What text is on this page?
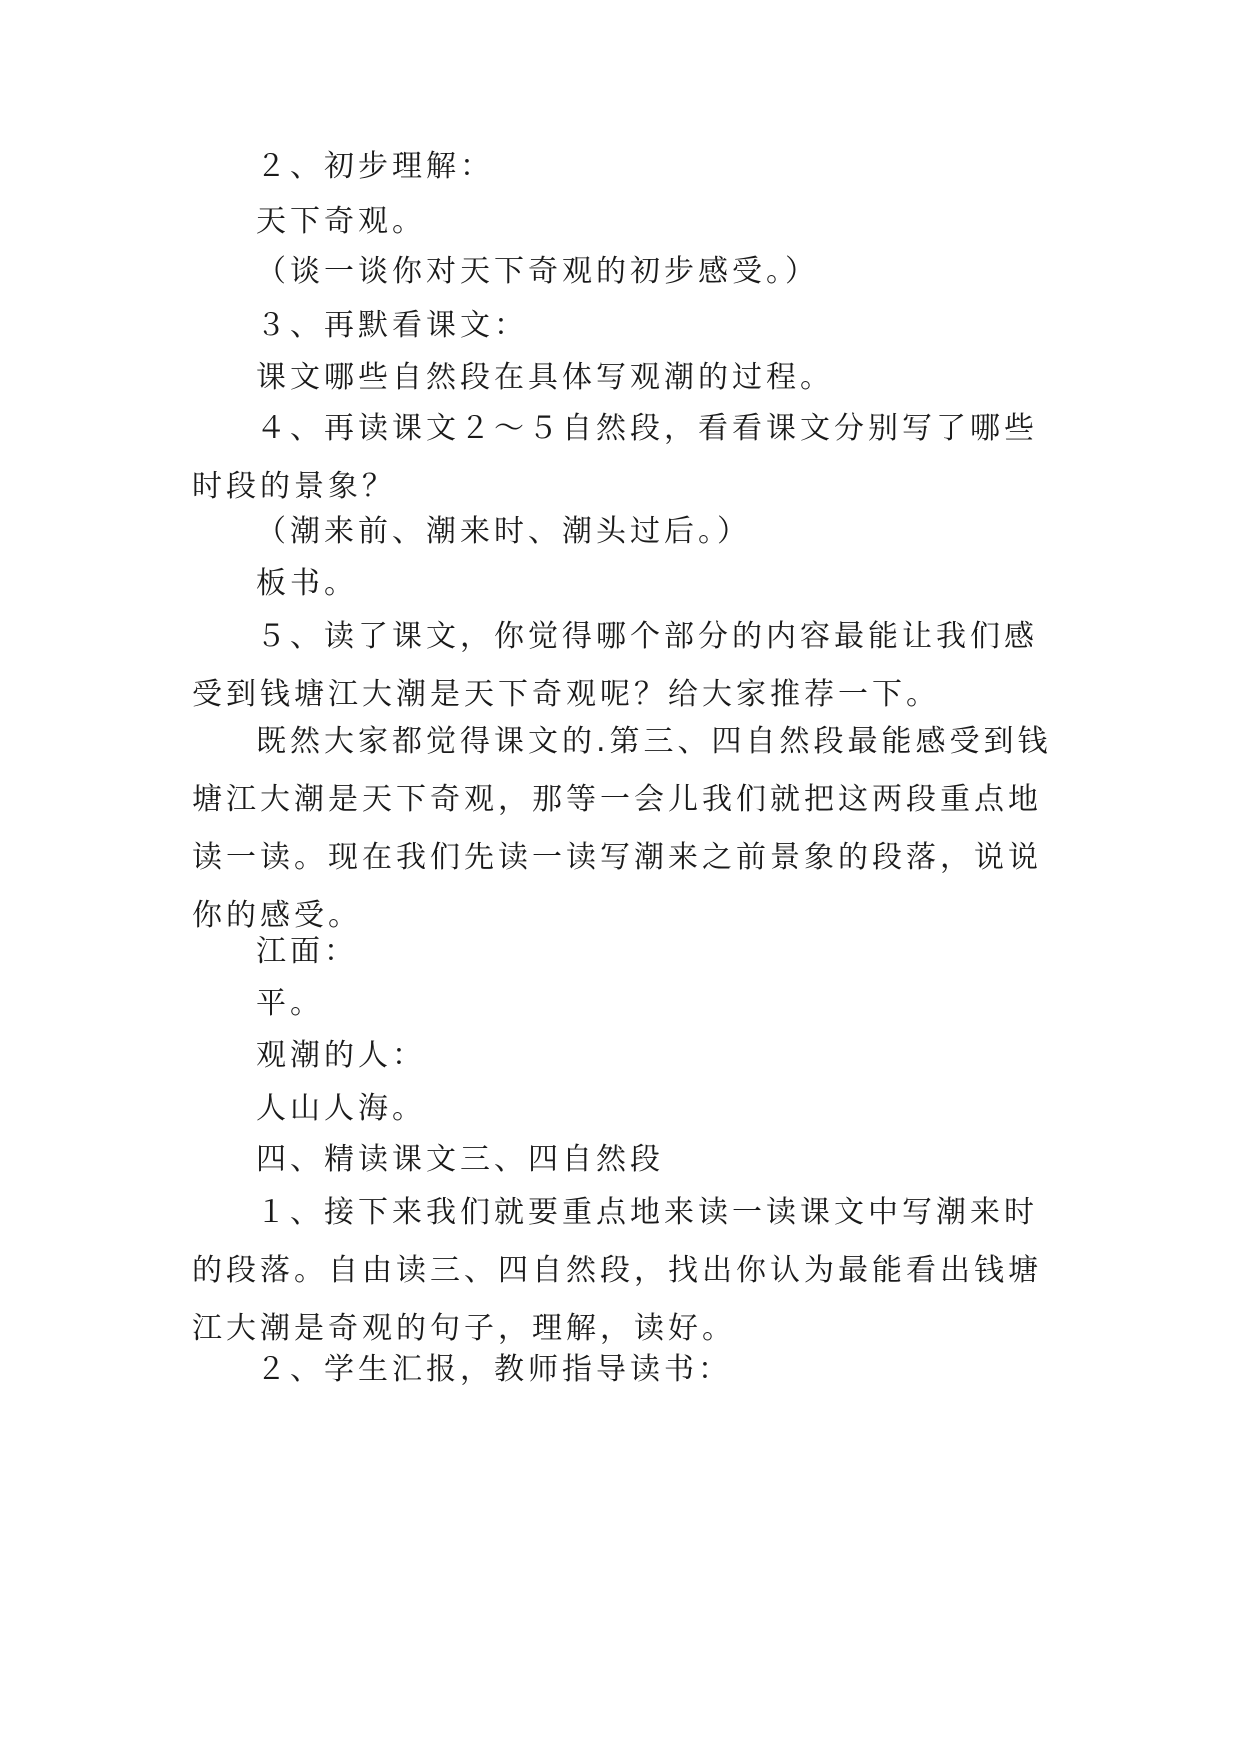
２、初步理解：

天下奇观。

（谈一谈你对天下奇观的初步感受。）

３、再默看课文：

课文哪些自然段在具体写观潮的过程。

４、再读课文２～５自然段，看看课文分别写了哪些时段的景象？

（潮来前、潮来时、潮头过后。）

板书。

５、读了课文，你觉得哪个部分的内容最能让我们感受到钱塘江大潮是天下奇观呢？给大家推荐一下。

既然大家都觉得课文的.第三、四自然段最能感受到钱塘江大潮是天下奇观，那等一会儿我们就把这两段重点地读一读。现在我们先读一读写潮来之前景象的段落，说说你的感受。

江面：

平。

观潮的人：

人山人海。

四、精读课文三、四自然段

１、接下来我们就要重点地来读一读课文中写潮来时的段落。自由读三、四自然段，找出你认为最能看出钱塘江大潮是奇观的句子，理解，读好。

２、学生汇报，教师指导读书：
